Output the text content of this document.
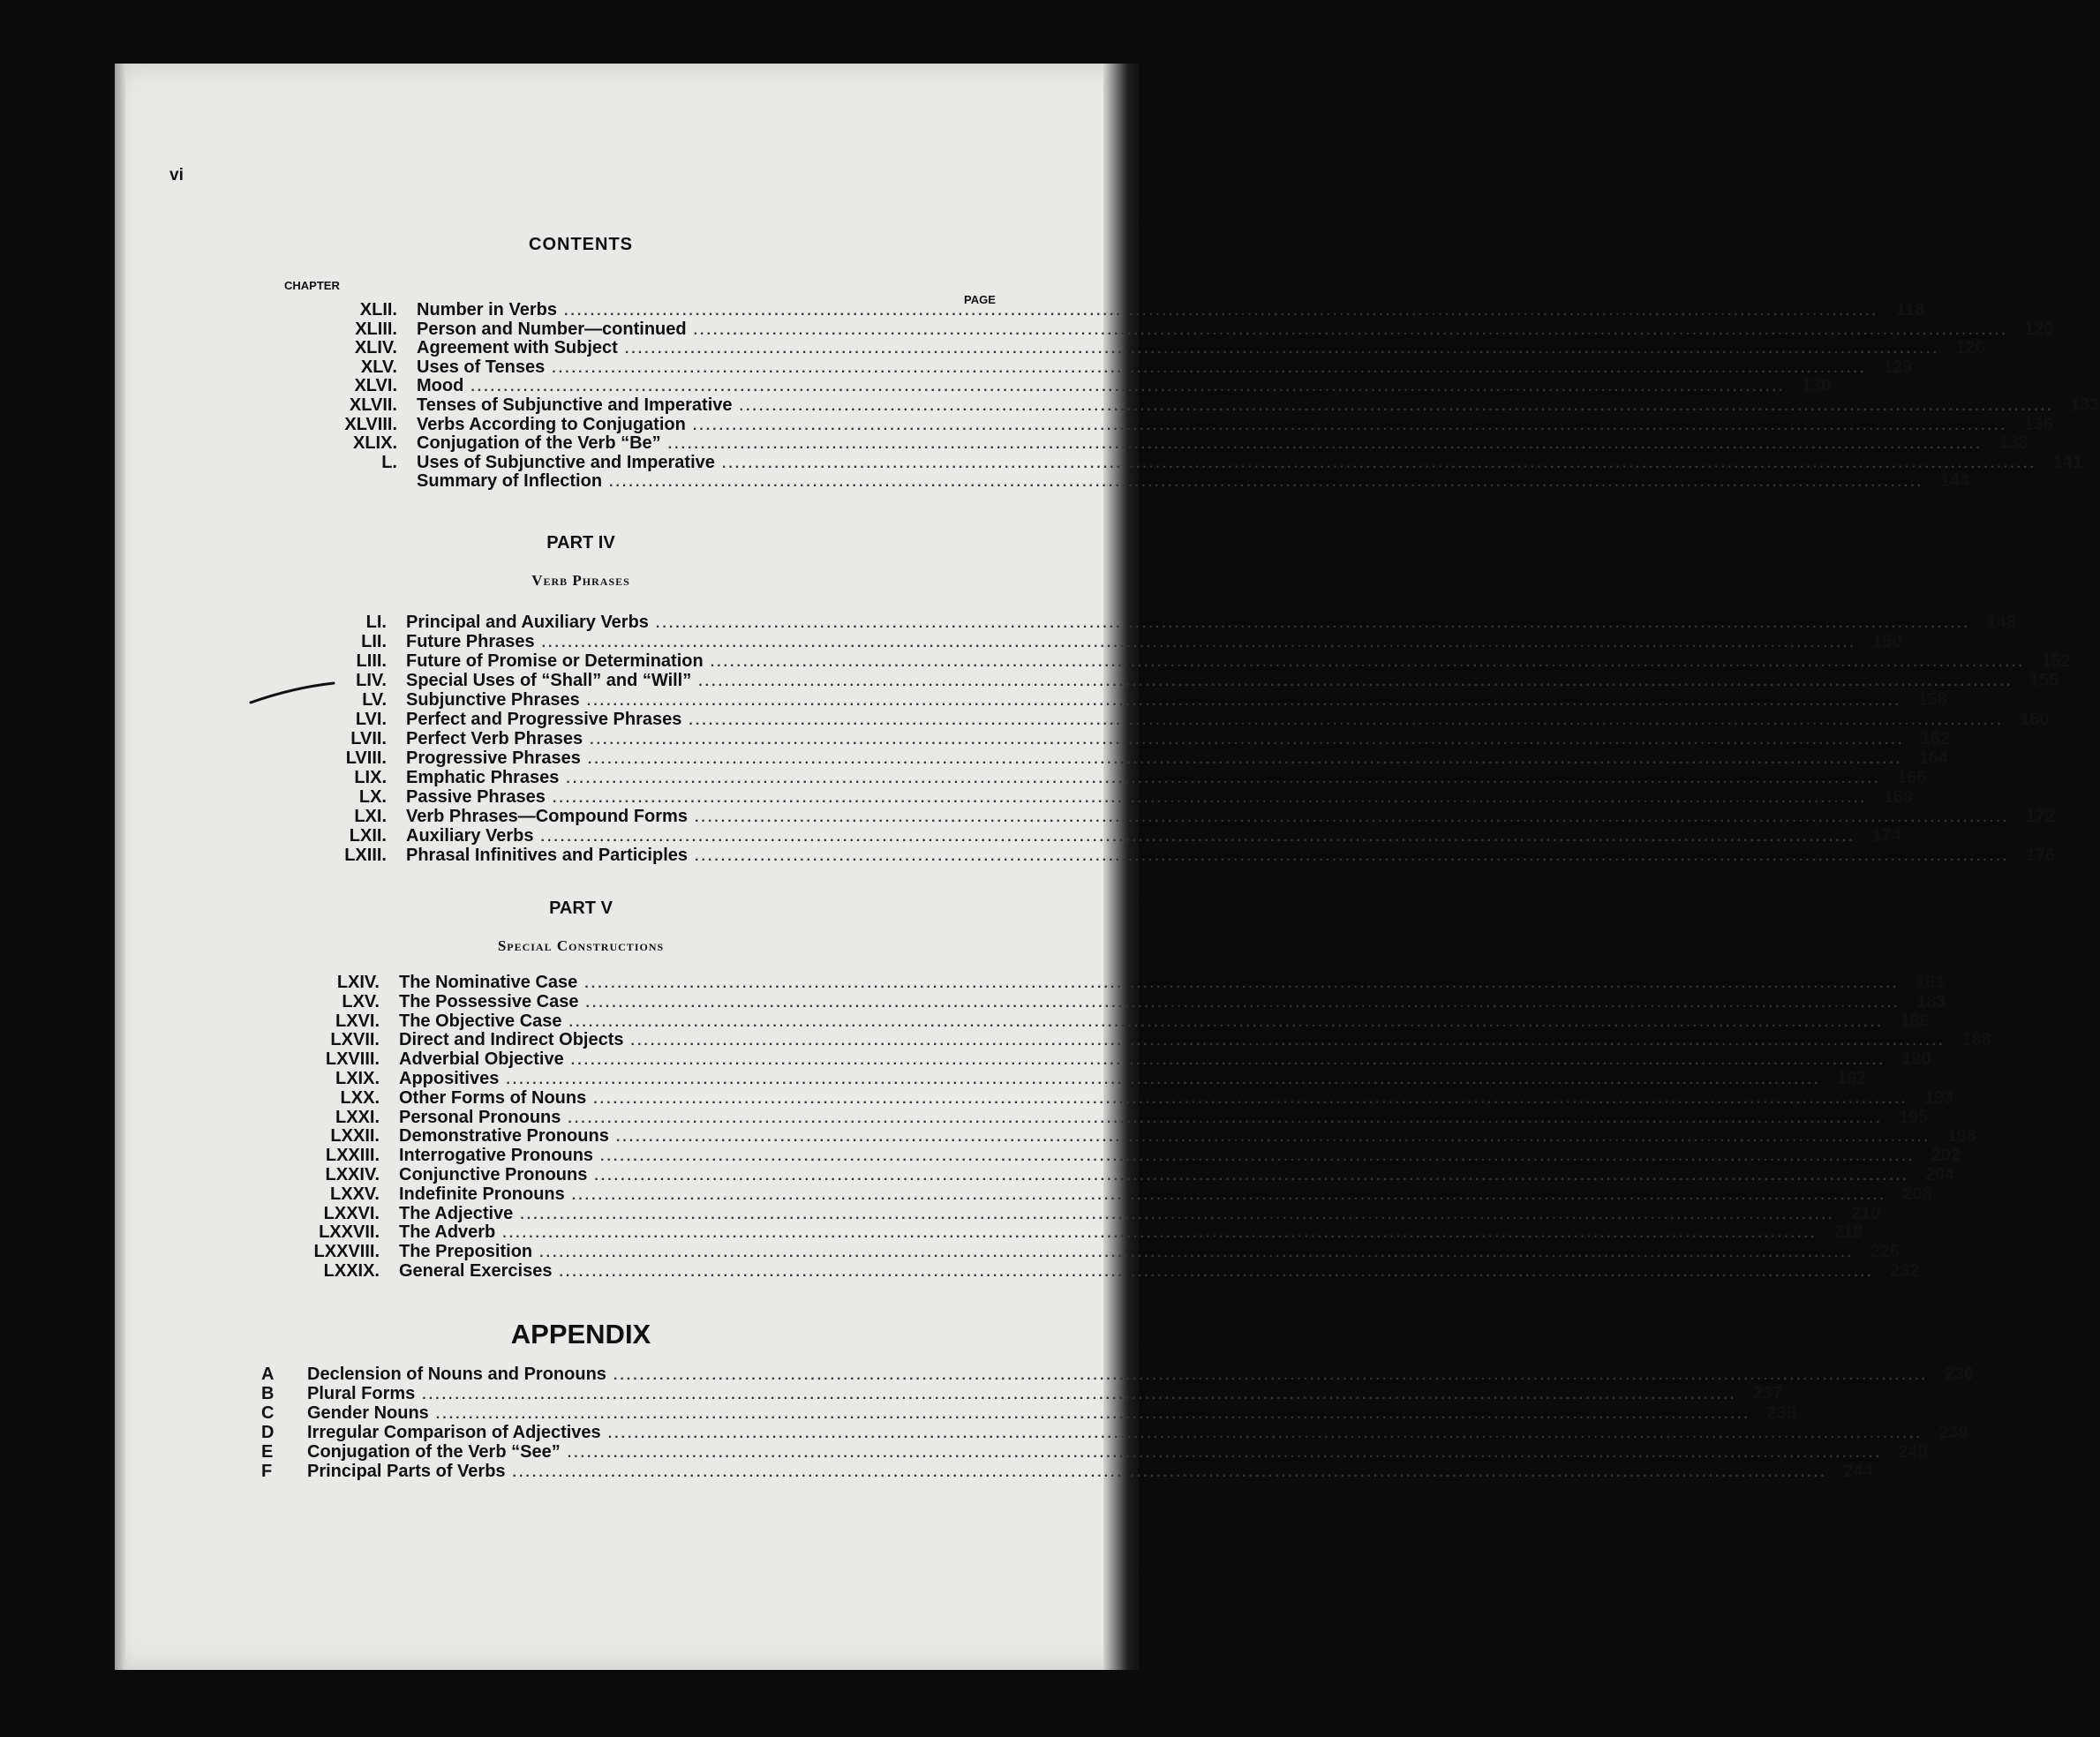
vi
CONTENTS
CHAPTER
PAGE
XLII. Number in Verbs ........................................................................................................................................................................................................ 118
XLIII. Person and Number—continued ........................................................................................................................................................................................................ 120
XLIV. Agreement with Subject ........................................................................................................................................................................................................ 126
XLV. Uses of Tenses ........................................................................................................................................................................................................ 129
XLVI. Mood ........................................................................................................................................................................................................ 130
XLVII. Tenses of Subjunctive and Imperative ........................................................................................................................................................................................................ 133
XLVIII. Verbs According to Conjugation ........................................................................................................................................................................................................ 136
XLIX. Conjugation of the Verb “Be” ........................................................................................................................................................................................................ 138
L. Uses of Subjunctive and Imperative ........................................................................................................................................................................................................ 141
Summary of Inflection ........................................................................................................................................................................................................ 144
PART IV
Verb Phrases
LI. Principal and Auxiliary Verbs ........................................................................................................................................................................................................ 148
LII. Future Phrases ........................................................................................................................................................................................................ 150
LIII. Future of Promise or Determination ........................................................................................................................................................................................................ 152
LIV. Special Uses of “Shall” and “Will” ........................................................................................................................................................................................................ 155
LV. Subjunctive Phrases ........................................................................................................................................................................................................ 158
LVI. Perfect and Progressive Phrases ........................................................................................................................................................................................................ 160
LVII. Perfect Verb Phrases ........................................................................................................................................................................................................ 162
LVIII. Progressive Phrases ........................................................................................................................................................................................................ 164
LIX. Emphatic Phrases ........................................................................................................................................................................................................ 166
LX. Passive Phrases ........................................................................................................................................................................................................ 169
LXI. Verb Phrases—Compound Forms ........................................................................................................................................................................................................ 172
LXII. Auxiliary Verbs ........................................................................................................................................................................................................ 174
LXIII. Phrasal Infinitives and Participles ........................................................................................................................................................................................................ 176
PART V
Special Constructions
LXIV. The Nominative Case ........................................................................................................................................................................................................ 181
LXV. The Possessive Case ........................................................................................................................................................................................................ 183
LXVI. The Objective Case ........................................................................................................................................................................................................ 186
LXVII. Direct and Indirect Objects ........................................................................................................................................................................................................ 188
LXVIII. Adverbial Objective ........................................................................................................................................................................................................ 190
LXIX. Appositives ........................................................................................................................................................................................................ 192
LXX. Other Forms of Nouns ........................................................................................................................................................................................................ 193
LXXI. Personal Pronouns ........................................................................................................................................................................................................ 195
LXXII. Demonstrative Pronouns ........................................................................................................................................................................................................ 198
LXXIII. Interrogative Pronouns ........................................................................................................................................................................................................ 202
LXXIV. Conjunctive Pronouns ........................................................................................................................................................................................................ 204
LXXV. Indefinite Pronouns ........................................................................................................................................................................................................ 208
LXXVI. The Adjective ........................................................................................................................................................................................................ 210
LXXVII. The Adverb ........................................................................................................................................................................................................ 218
LXXVIII. The Preposition ........................................................................................................................................................................................................ 226
LXXIX. General Exercises ........................................................................................................................................................................................................ 232
APPENDIX
A	Declension of Nouns and Pronouns ........................................................................................................................................................................................................ 236
B	Plural Forms ........................................................................................................................................................................................................ 237
C	Gender Nouns ........................................................................................................................................................................................................ 238
D	Irregular Comparison of Adjectives ........................................................................................................................................................................................................ 239
E	Conjugation of the Verb “See” ........................................................................................................................................................................................................ 240
F	Principal Parts of Verbs ........................................................................................................................................................................................................ 244
